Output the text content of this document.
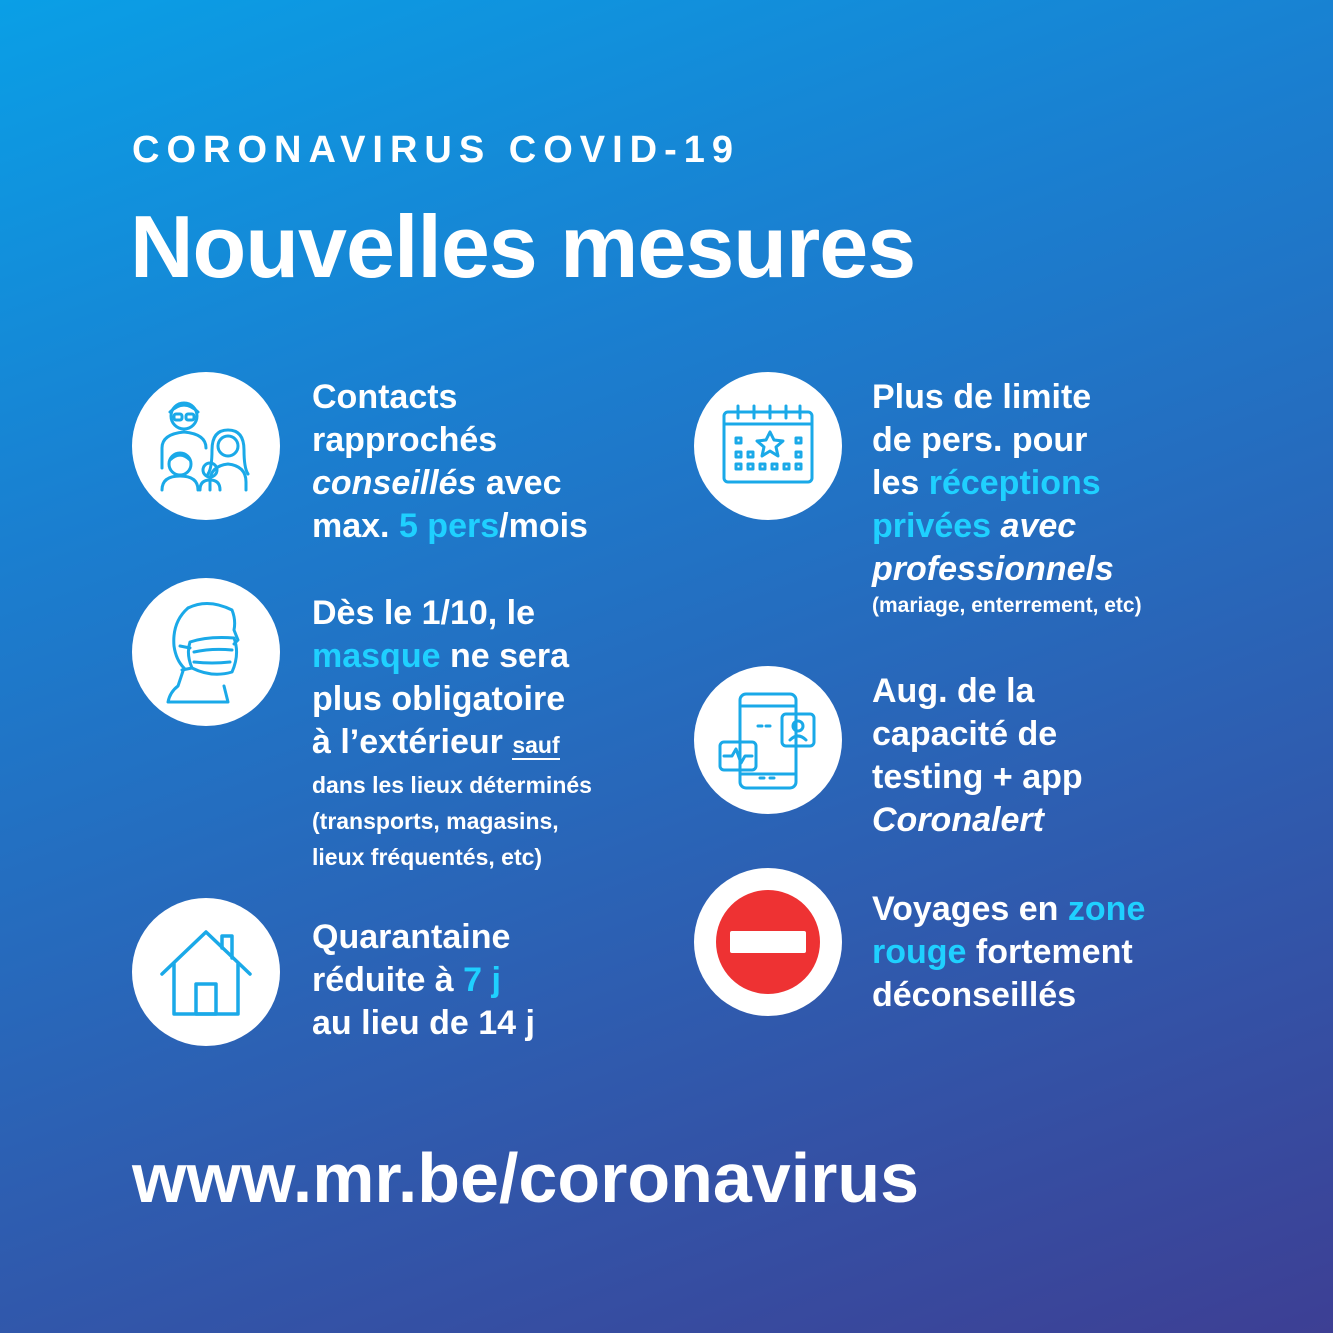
CORONAVIRUS COVID-19
Nouvelles mesures
Contacts
rapprochés
conseillés avec
max. 5 pers/mois
Dès le 1/10, le
masque ne sera
plus obligatoire
à l’extérieur sauf
dans les lieux déterminés
(transports, magasins,
lieux fréquentés, etc)
Quarantaine
réduite à 7 j
au lieu de 14 j
Plus de limite
de pers. pour
les réceptions
privées avec
professionnels
(mariage, enterrement, etc)
Aug. de la
capacité de
testing + app
Coronalert
Voyages en zone
rouge fortement
déconseillés
www.mr.be/coronavirus
